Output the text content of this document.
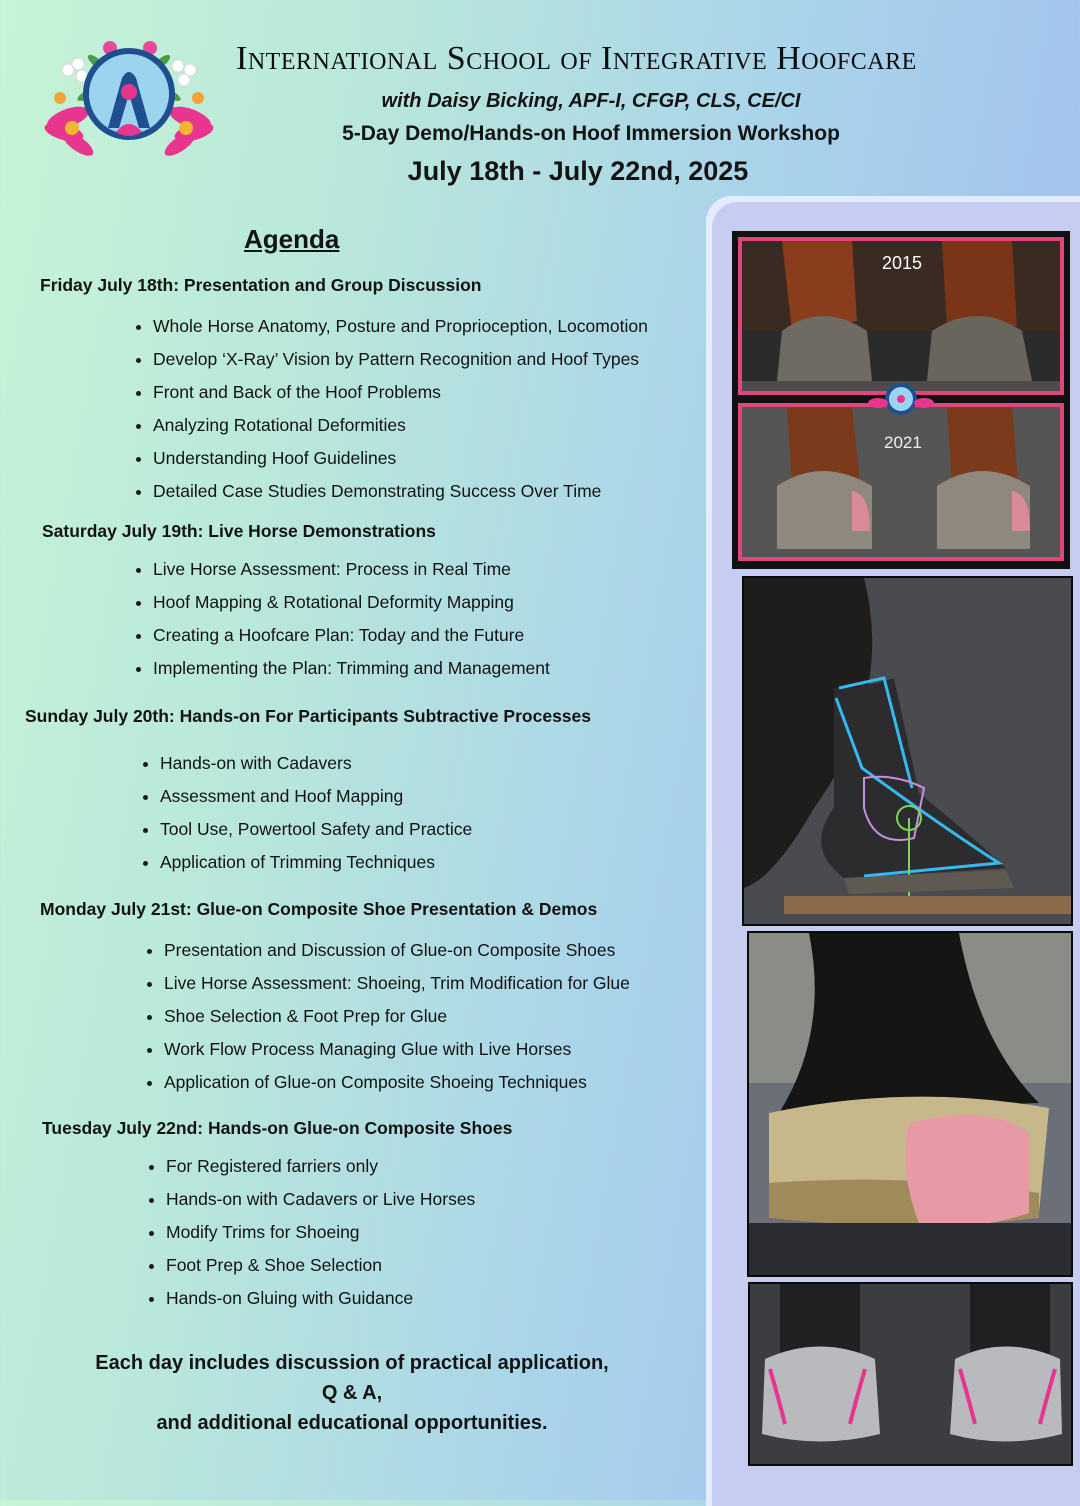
International School of Integrative Hoofcare
with Daisy Bicking, APF-I, CFGP, CLS, CE/CI
5-Day Demo/Hands-on Hoof Immersion Workshop
July 18th - July 22nd, 2025
Agenda
Friday July 18th: Presentation and Group Discussion
Whole Horse Anatomy, Posture and Proprioception, Locomotion
Develop ‘X-Ray’ Vision by Pattern Recognition and Hoof Types
Front and Back of the Hoof Problems
Analyzing Rotational Deformities
Understanding Hoof Guidelines
Detailed Case Studies Demonstrating Success Over Time
Saturday July 19th: Live Horse Demonstrations
Live Horse Assessment: Process in Real Time
Hoof Mapping & Rotational Deformity Mapping
Creating a Hoofcare Plan: Today and the Future
Implementing the Plan: Trimming and Management
Sunday July 20th: Hands-on For Participants Subtractive Processes
Hands-on with Cadavers
Assessment and Hoof Mapping
Tool Use, Powertool Safety and Practice
Application of Trimming Techniques
Monday July 21st: Glue-on Composite Shoe Presentation & Demos
Presentation and Discussion of Glue-on Composite Shoes
Live Horse Assessment: Shoeing, Trim Modification for Glue
Shoe Selection & Foot Prep for Glue
Work Flow Process Managing Glue with Live Horses
Application of Glue-on Composite Shoeing Techniques
Tuesday July 22nd: Hands-on Glue-on Composite Shoes
For Registered farriers only
Hands-on with Cadavers or Live Horses
Modify Trims for Shoeing
Foot Prep & Shoe Selection
Hands-on Gluing with Guidance
Each day includes discussion of practical application,
Q & A,
and additional educational opportunities.
2015
2021
